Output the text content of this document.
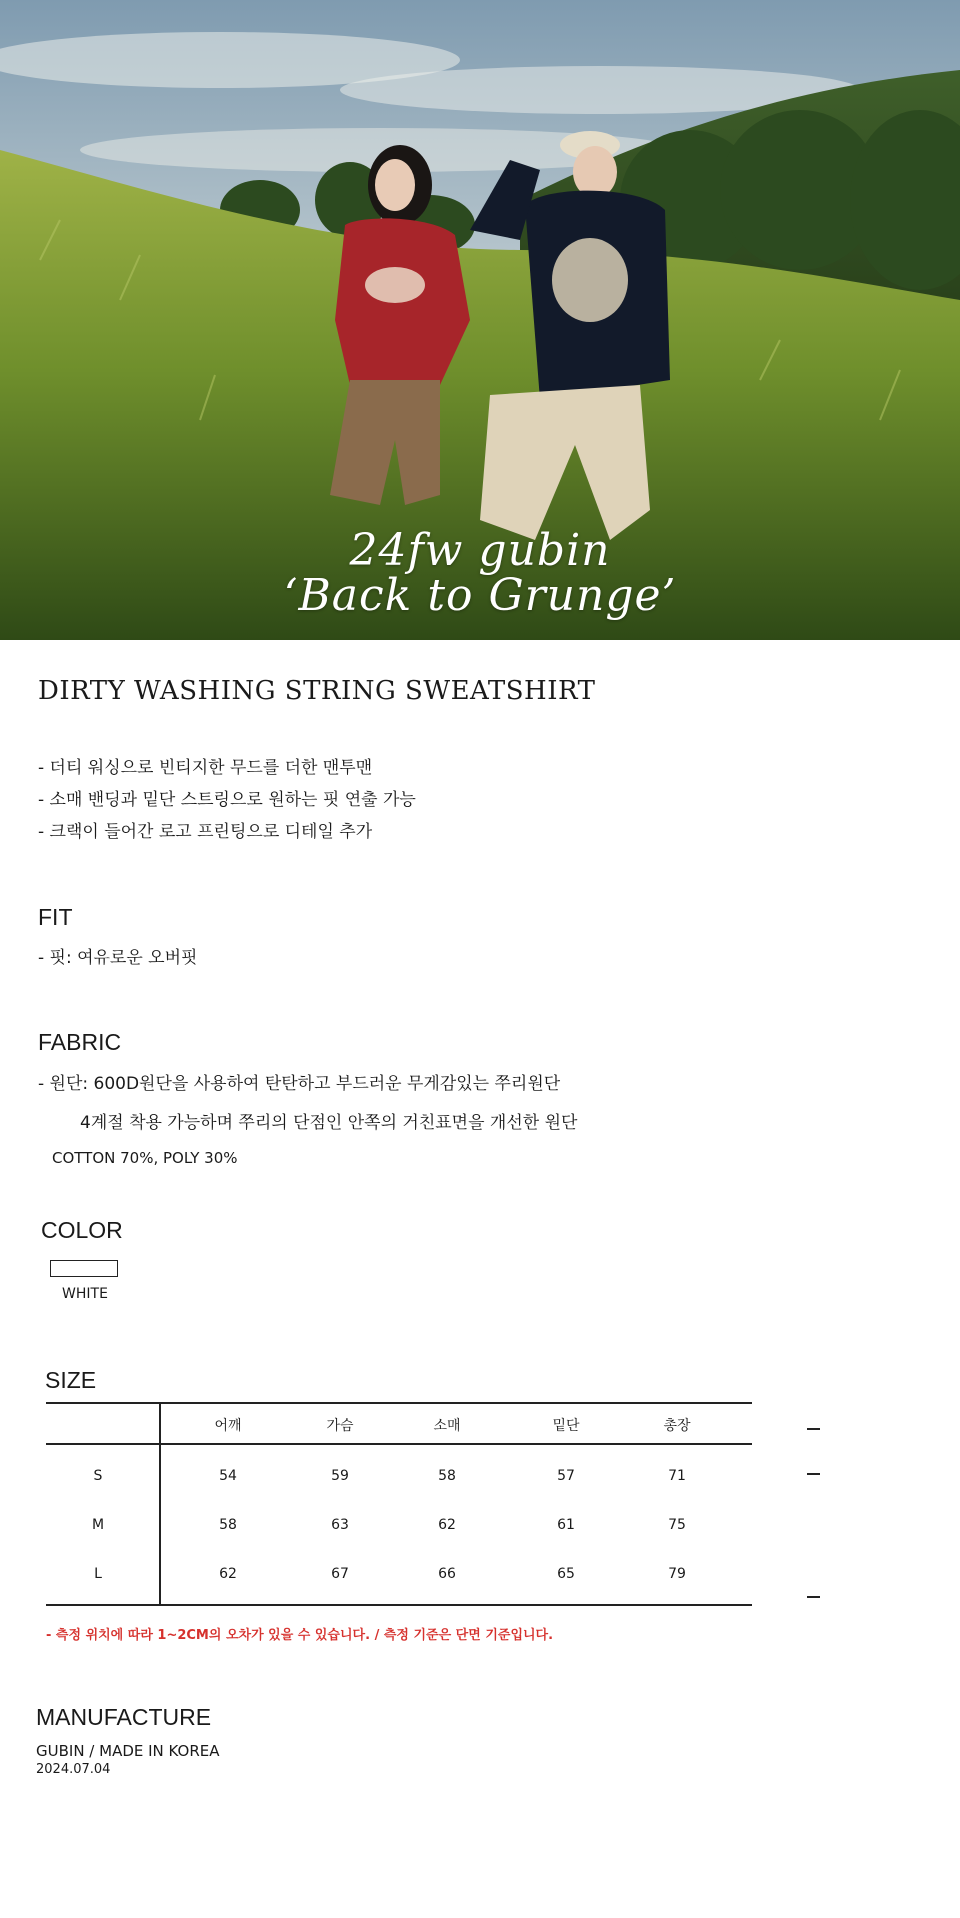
24fw gubin
‘Back to Grunge’
DIRTY WASHING STRING SWEATSHIRT
- 더티 워싱으로 빈티지한 무드를 더한 맨투맨
- 소매 밴딩과 밑단 스트링으로 원하는 핏 연출 가능
- 크랙이 들어간 로고 프린팅으로 디테일 추가
FIT
- 핏: 여유로운 오버핏
FABRIC
- 원단: 600D원단을 사용하여 탄탄하고 부드러운 무게감있는 쭈리원단
4계절 착용 가능하며 쭈리의 단점인 안쪽의 거친표면을 개선한 원단
COTTON 70%, POLY 30%
COLOR
WHITE
SIZE
어깨	가슴	소매	밑단	총장
S	54	59	58	57	71
M	58	63	62	61	75
L	62	67	66	65	79
- 측정 위치에 따라 1~2CM의 오차가 있을 수 있습니다. / 측정 기준은 단면 기준입니다.
MANUFACTURE
GUBIN / MADE IN KOREA
2024.07.04
